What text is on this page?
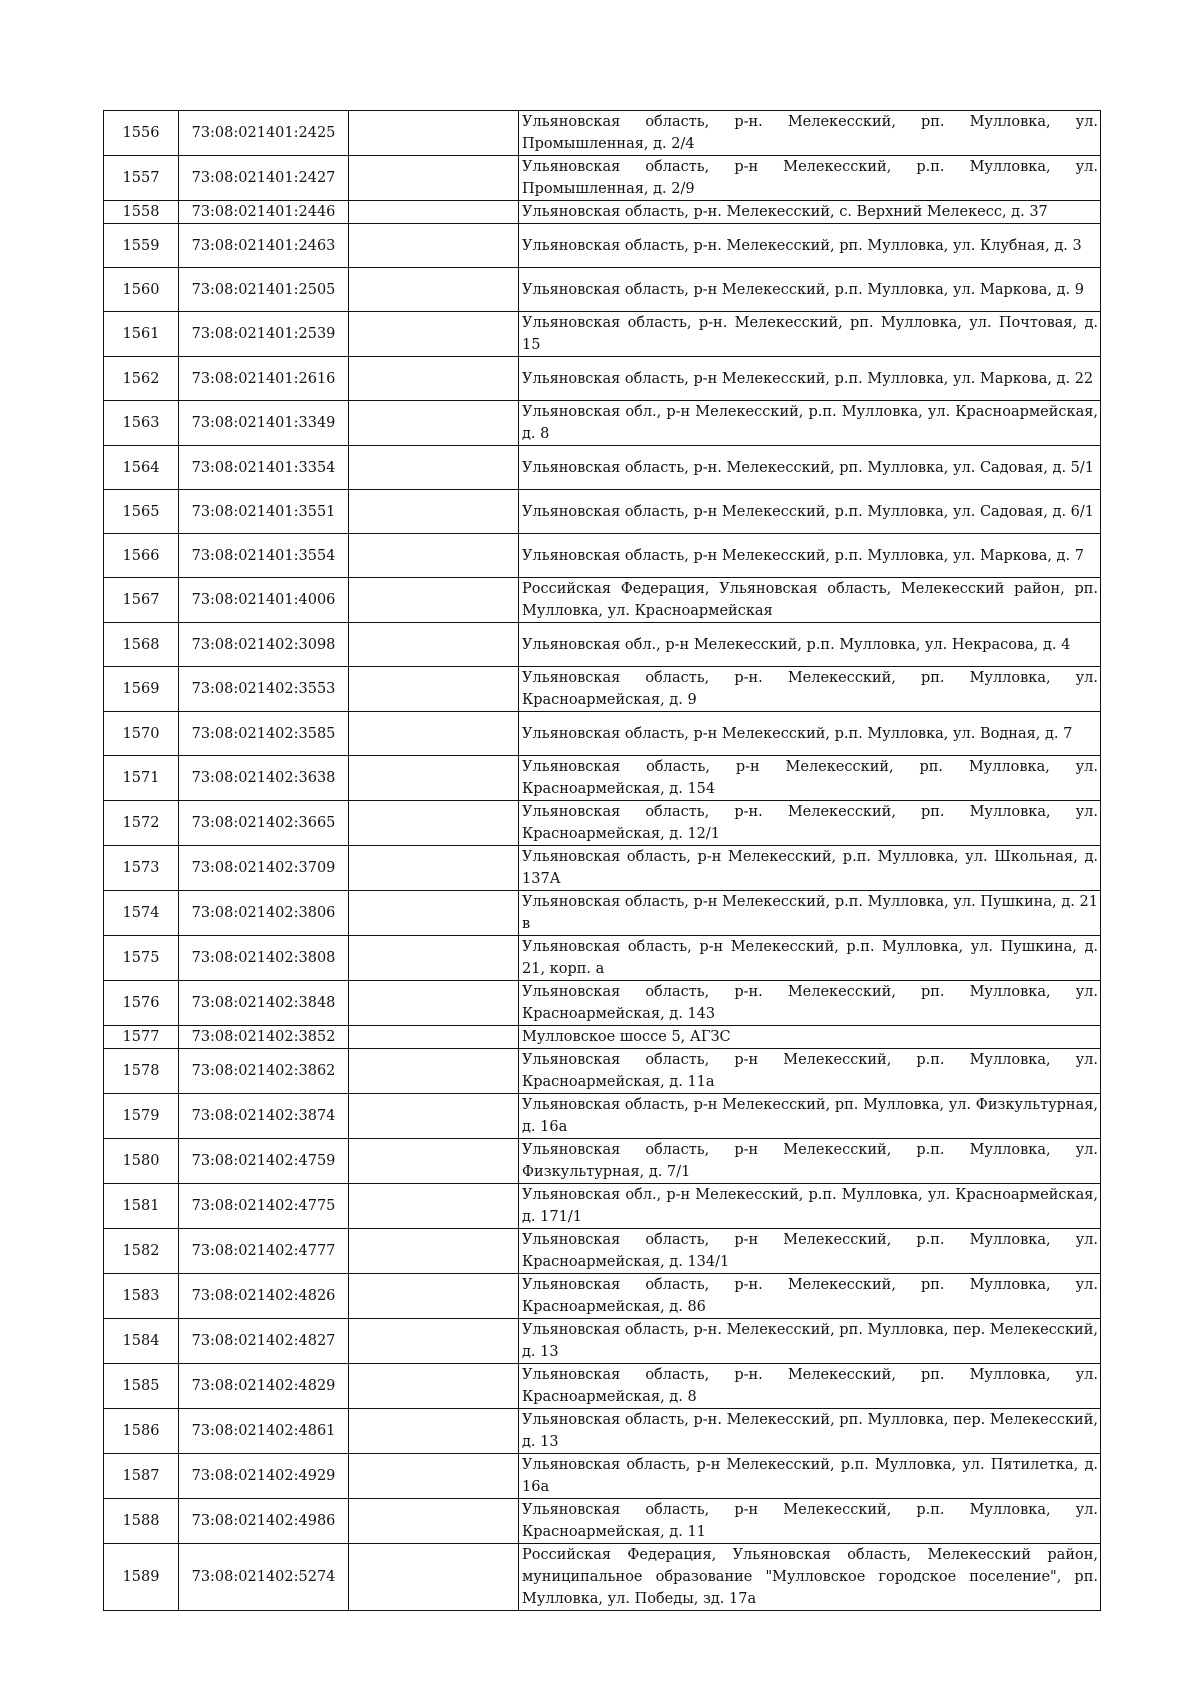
1556	73:08:021401:2425		Ульяновская область, р-н. Мелекесский, рп. Мулловка, ул. Промышленная, д. 2/4
1557	73:08:021401:2427		Ульяновская область, р-н Мелекесский, р.п. Мулловка, ул. Промышленная, д. 2/9
1558	73:08:021401:2446		Ульяновская область, р-н. Мелекесский, с. Верхний Мелекесс, д. 37
1559	73:08:021401:2463		Ульяновская область, р-н. Мелекесский, рп. Мулловка, ул. Клубная, д. 3
1560	73:08:021401:2505		Ульяновская область, р-н Мелекесский, р.п. Мулловка, ул. Маркова, д. 9
1561	73:08:021401:2539		Ульяновская область, р-н. Мелекесский, рп. Мулловка, ул. Почтовая, д. 15
1562	73:08:021401:2616		Ульяновская область, р-н Мелекесский, р.п. Мулловка, ул. Маркова, д. 22
1563	73:08:021401:3349		Ульяновская обл., р-н Мелекесский, р.п. Мулловка, ул. Красноармейская, д. 8
1564	73:08:021401:3354		Ульяновская область, р-н. Мелекесский, рп. Мулловка, ул. Садовая, д. 5/1
1565	73:08:021401:3551		Ульяновская область, р-н Мелекесский, р.п. Мулловка, ул. Садовая, д. 6/1
1566	73:08:021401:3554		Ульяновская область, р-н Мелекесский, р.п. Мулловка, ул. Маркова, д. 7
1567	73:08:021401:4006		Российская Федерация, Ульяновская область, Мелекесский район, рп. Мулловка, ул. Красноармейская
1568	73:08:021402:3098		Ульяновская обл., р-н Мелекесский, р.п. Мулловка, ул. Некрасова, д. 4
1569	73:08:021402:3553		Ульяновская область, р-н. Мелекесский, рп. Мулловка, ул. Красноармейская, д. 9
1570	73:08:021402:3585		Ульяновская область, р-н Мелекесский, р.п. Мулловка, ул. Водная, д. 7
1571	73:08:021402:3638		Ульяновская область, р-н Мелекесский, рп. Мулловка, ул. Красноармейская, д. 154
1572	73:08:021402:3665		Ульяновская область, р-н. Мелекесский, рп. Мулловка, ул. Красноармейская, д. 12/1
1573	73:08:021402:3709		Ульяновская область, р-н Мелекесский, р.п. Мулловка, ул. Школьная, д. 137А
1574	73:08:021402:3806		Ульяновская область, р-н Мелекесский, р.п. Мулловка, ул. Пушкина, д. 21 в
1575	73:08:021402:3808		Ульяновская область, р-н Мелекесский, р.п. Мулловка, ул. Пушкина, д. 21, корп. а
1576	73:08:021402:3848		Ульяновская область, р-н. Мелекесский, рп. Мулловка, ул. Красноармейская, д. 143
1577	73:08:021402:3852		Мулловское шоссе 5, АГЗС
1578	73:08:021402:3862		Ульяновская область, р-н Мелекесский, р.п. Мулловка, ул. Красноармейская, д. 11а
1579	73:08:021402:3874		Ульяновская область, р-н Мелекесский, рп. Мулловка, ул. Физкультурная, д. 16а
1580	73:08:021402:4759		Ульяновская область, р-н Мелекесский, р.п. Мулловка, ул. Физкультурная, д. 7/1
1581	73:08:021402:4775		Ульяновская обл., р-н Мелекесский, р.п. Мулловка, ул. Красноармейская, д. 171/1
1582	73:08:021402:4777		Ульяновская область, р-н Мелекесский, р.п. Мулловка, ул. Красноармейская, д. 134/1
1583	73:08:021402:4826		Ульяновская область, р-н. Мелекесский, рп. Мулловка, ул. Красноармейская, д. 86
1584	73:08:021402:4827		Ульяновская область, р-н. Мелекесский, рп. Мулловка, пер. Мелекесский, д. 13
1585	73:08:021402:4829		Ульяновская область, р-н. Мелекесский, рп. Мулловка, ул. Красноармейская, д. 8
1586	73:08:021402:4861		Ульяновская область, р-н. Мелекесский, рп. Мулловка, пер. Мелекесский, д. 13
1587	73:08:021402:4929		Ульяновская область, р-н Мелекесский, р.п. Мулловка, ул. Пятилетка, д. 16а
1588	73:08:021402:4986		Ульяновская область, р-н Мелекесский, р.п. Мулловка, ул. Красноармейская, д. 11
1589	73:08:021402:5274		Российская Федерация, Ульяновская область, Мелекесский район, муниципальное образование "Мулловское городское поселение", рп. Мулловка, ул. Победы, зд. 17а
